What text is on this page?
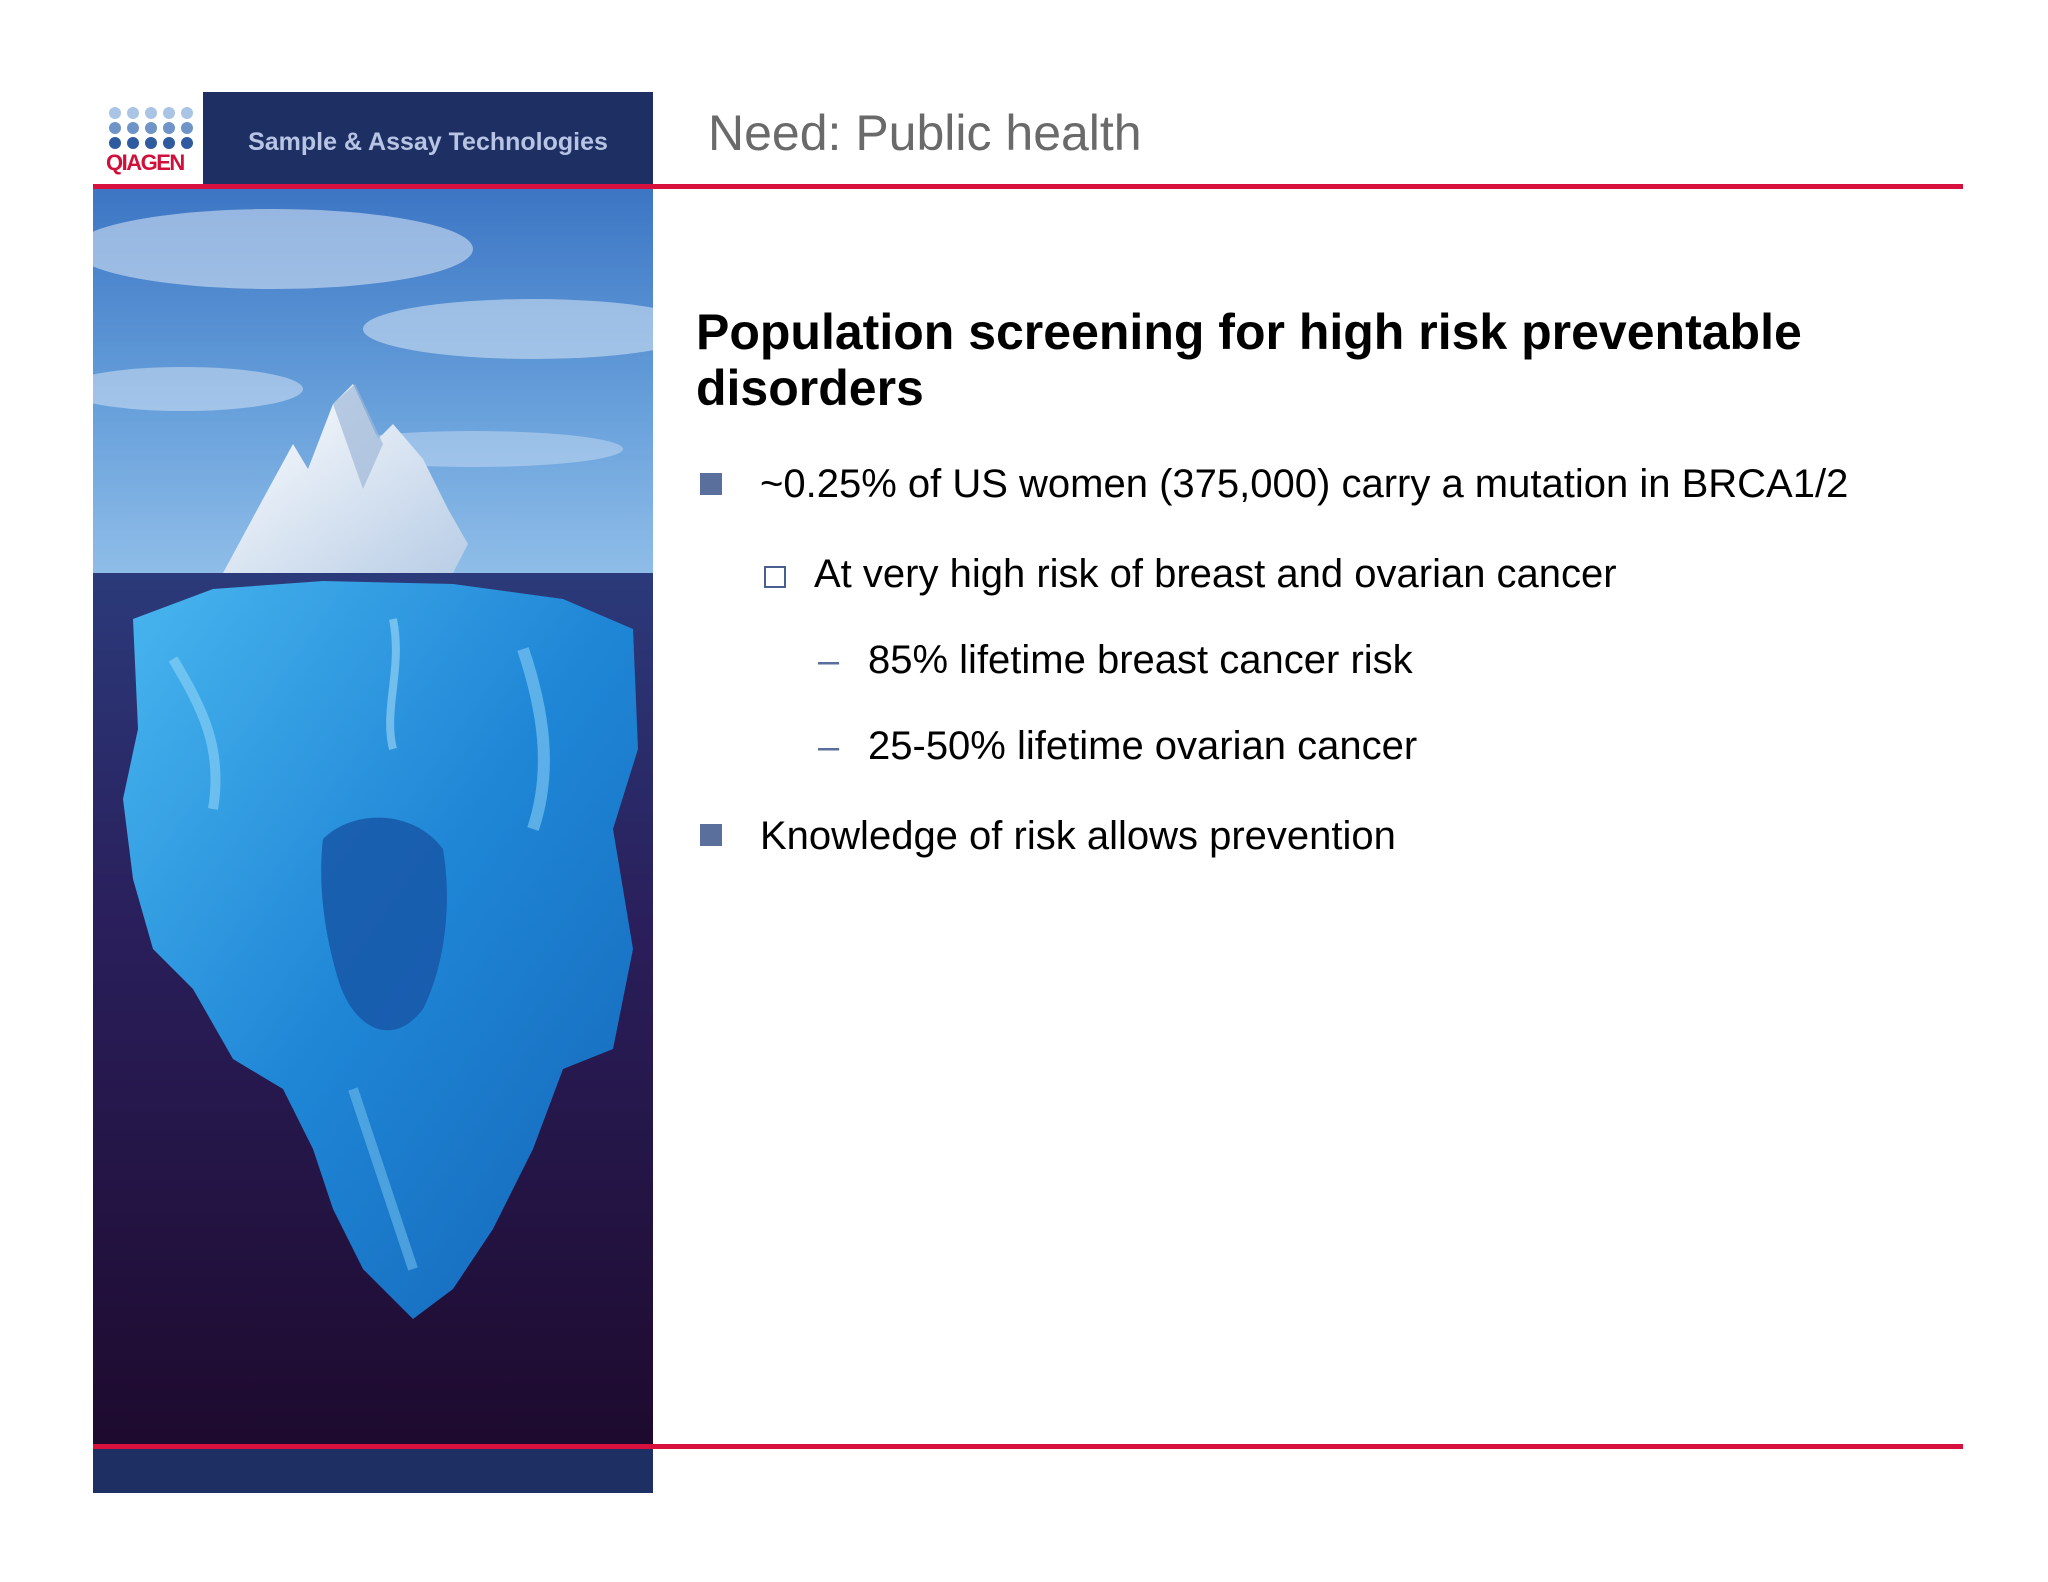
QIAGEN
Sample & Assay Technologies Need: Public health
Population screening for high risk preventable disorders
~0.25% of US women (375,000) carry a mutation in BRCA1/2
At very high risk of breast and ovarian cancer
– 85% lifetime breast cancer risk
– 25-50% lifetime ovarian cancer
Knowledge of risk allows prevention
